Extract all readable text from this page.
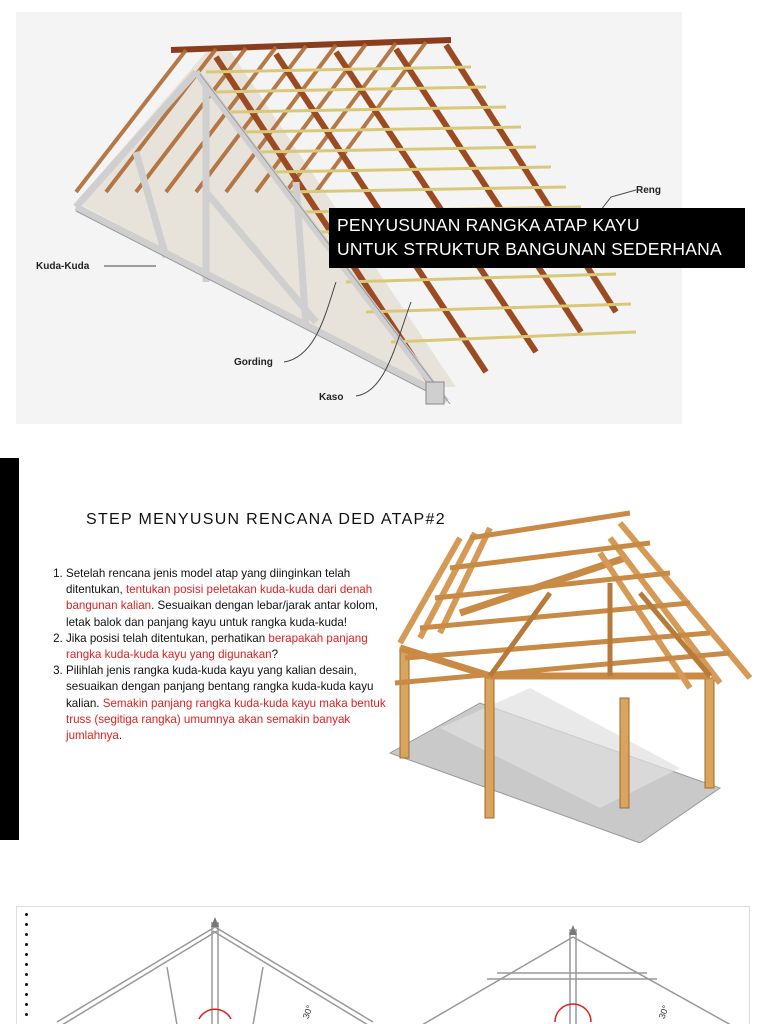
Reng
Kuda-Kuda
Gording
Kaso
PENYUSUNAN RANGKA ATAP KAYU
UNTUK STRUKTUR BANGUNAN SEDERHANA
STEP MENYUSUN RENCANA DED ATAP#2
1. Setelah rencana jenis model atap yang diinginkan telah ditentukan, tentukan posisi peletakan kuda-kuda dari denah bangunan kalian. Sesuaikan dengan lebar/jarak antar kolom, letak balok dan panjang kayu untuk rangka kuda-kuda!
2. Jika posisi telah ditentukan, perhatikan berapakah panjang rangka kuda-kuda kayu yang digunakan?
3. Pilihlah jenis rangka kuda-kuda kayu yang kalian desain, sesuaikan dengan panjang bentang rangka kuda-kuda kayu kalian. Semakin panjang rangka kuda-kuda kayu maka bentuk truss (segitiga rangka) umumnya akan semakin banyak jumlahnya.
30°	30°
